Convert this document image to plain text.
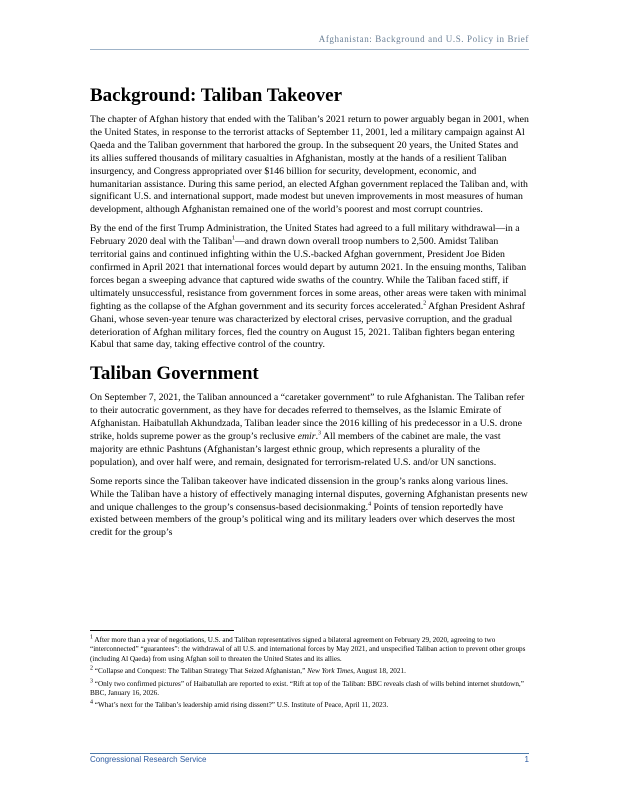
Afghanistan: Background and U.S. Policy in Brief
Background: Taliban Takeover

The chapter of Afghan history that ended with the Taliban’s 2021 return to power arguably began in 2001, when the United States, in response to the terrorist attacks of September 11, 2001, led a military campaign against Al Qaeda and the Taliban government that harbored the group. In the subsequent 20 years, the United States and its allies suffered thousands of military casualties in Afghanistan, mostly at the hands of a resilient Taliban insurgency, and Congress appropriated over $146 billion for security, development, economic, and humanitarian assistance. During this same period, an elected Afghan government replaced the Taliban and, with significant U.S. and international support, made modest but uneven improvements in most measures of human development, although Afghanistan remained one of the world’s poorest and most corrupt countries.

By the end of the first Trump Administration, the United States had agreed to a full military withdrawal—in a February 2020 deal with the Taliban$^1$—and drawn down overall troop numbers to 2,500. Amidst Taliban territorial gains and continued infighting within the U.S.-backed Afghan government, President Joe Biden confirmed in April 2021 that international forces would depart by autumn 2021. In the ensuing months, Taliban forces began a sweeping advance that captured wide swaths of the country. While the Taliban faced stiff, if ultimately unsuccessful, resistance from government forces in some areas, other areas were taken with minimal fighting as the collapse of the Afghan government and its security forces accelerated.$^2$ Afghan President Ashraf Ghani, whose seven-year tenure was characterized by electoral crises, pervasive corruption, and the gradual deterioration of Afghan military forces, fled the country on August 15, 2021. Taliban fighters began entering Kabul that same day, taking effective control of the country.

Taliban Government

On September 7, 2021, the Taliban announced a “caretaker government” to rule Afghanistan. The Taliban refer to their autocratic government, as they have for decades referred to themselves, as the Islamic Emirate of Afghanistan. Haibatullah Akhundzada, Taliban leader since the 2016 killing of his predecessor in a U.S. drone strike, holds supreme power as the group’s reclusive emir.$^3$ All members of the cabinet are male, the vast majority are ethnic Pashtuns (Afghanistan’s largest ethnic group, which represents a plurality of the population), and over half were, and remain, designated for terrorism-related U.S. and/or UN sanctions.

Some reports since the Taliban takeover have indicated dissension in the group’s ranks along various lines. While the Taliban have a history of effectively managing internal disputes, governing Afghanistan presents new and unique challenges to the group’s consensus-based decisionmaking.$^4$ Points of tension reportedly have existed between members of the group’s political wing and its military leaders over which deserves the most credit for the group’s

$^1$ After more than a year of negotiations, U.S. and Taliban representatives signed a bilateral agreement on February 29, 2020, agreeing to two “interconnected” “guarantees”: the withdrawal of all U.S. and international forces by May 2021, and unspecified Taliban action to prevent other groups (including Al Qaeda) from using Afghan soil to threaten the United States and its allies.

$^2$ “Collapse and Conquest: The Taliban Strategy That Seized Afghanistan,” New York Times, August 18, 2021.

$^3$ “Only two confirmed pictures” of Haibatullah are reported to exist. “Rift at top of the Taliban: BBC reveals clash of wills behind internet shutdown,” BBC, January 16, 2026.

$^4$ “What’s next for the Taliban’s leadership amid rising dissent?” U.S. Institute of Peace, April 11, 2023.

Congressional Research Service	1
